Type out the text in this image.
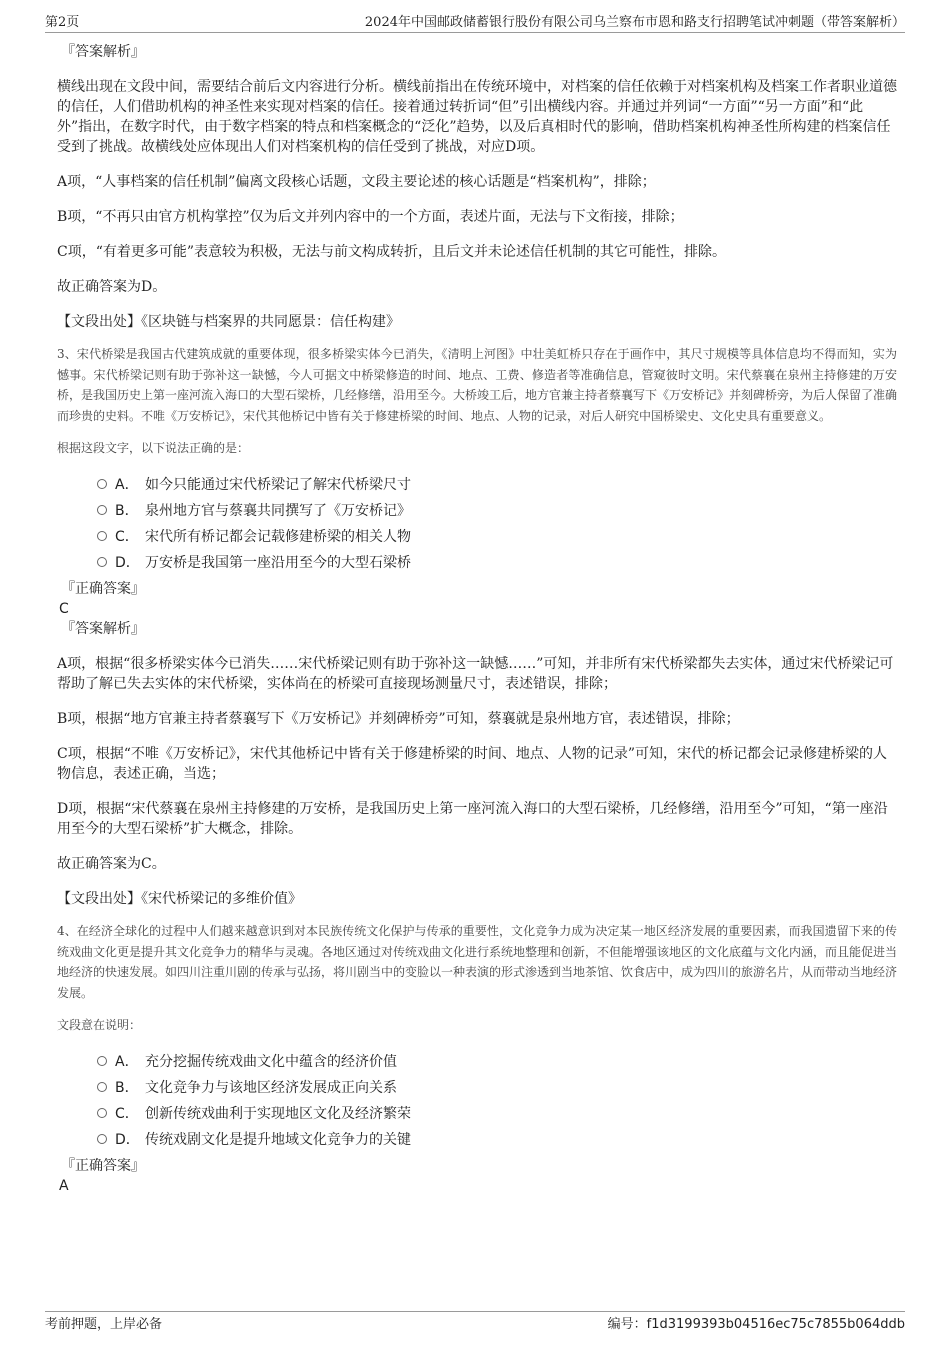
第2页	2024年中国邮政储蓄银行股份有限公司乌兰察布市恩和路支行招聘笔试冲刺题（带答案解析）
『答案解析』

横线出现在文段中间，需要结合前后文内容进行分析。横线前指出在传统环境中，对档案的信任依赖于对档案机构及档案工作者职业道德的信任，人们借助机构的神圣性来实现对档案的信任。接着通过转折词“但”引出横线内容。并通过并列词“一方面”“另一方面”和“此外”指出，在数字时代，由于数字档案的特点和档案概念的“泛化”趋势，以及后真相时代的影响，借助档案机构神圣性所构建的档案信任受到了挑战。故横线处应体现出人们对档案机构的信任受到了挑战，对应D项。

A项，“人事档案的信任机制”偏离文段核心话题，文段主要论述的核心话题是“档案机构”，排除；

B项，“不再只由官方机构掌控”仅为后文并列内容中的一个方面，表述片面，无法与下文衔接，排除；

C项，“有着更多可能”表意较为积极，无法与前文构成转折，且后文并未论述信任机制的其它可能性，排除。

故正确答案为D。

【文段出处】《区块链与档案界的共同愿景：信任构建》

3、宋代桥梁是我国古代建筑成就的重要体现，很多桥梁实体今已消失，《清明上河图》中壮美虹桥只存在于画作中，其尺寸规模等具体信息均不得而知，实为憾事。宋代桥梁记则有助于弥补这一缺憾，今人可据文中桥梁修造的时间、地点、工费、修造者等准确信息，管窥彼时文明。宋代蔡襄在泉州主持修建的万安桥，是我国历史上第一座河流入海口的大型石梁桥，几经修缮，沿用至今。大桥竣工后，地方官兼主持者蔡襄写下《万安桥记》并刻碑桥旁，为后人保留了准确而珍贵的史料。不唯《万安桥记》，宋代其他桥记中皆有关于修建桥梁的时间、地点、人物的记录，对后人研究中国桥梁史、文化史具有重要意义。

根据这段文字，以下说法正确的是：

A． 如今只能通过宋代桥梁记了解宋代桥梁尺寸
B． 泉州地方官与蔡襄共同撰写了《万安桥记》
C． 宋代所有桥记都会记载修建桥梁的相关人物
D． 万安桥是我国第一座沿用至今的大型石梁桥
『正确答案』
C
『答案解析』

A项，根据“很多桥梁实体今已消失……宋代桥梁记则有助于弥补这一缺憾……”可知，并非所有宋代桥梁都失去实体，通过宋代桥梁记可帮助了解已失去实体的宋代桥梁，实体尚在的桥梁可直接现场测量尺寸，表述错误，排除；

B项，根据“地方官兼主持者蔡襄写下《万安桥记》并刻碑桥旁”可知，蔡襄就是泉州地方官，表述错误，排除；

C项，根据“不唯《万安桥记》，宋代其他桥记中皆有关于修建桥梁的时间、地点、人物的记录”可知，宋代的桥记都会记录修建桥梁的人物信息，表述正确，当选；

D项，根据“宋代蔡襄在泉州主持修建的万安桥，是我国历史上第一座河流入海口的大型石梁桥，几经修缮，沿用至今”可知，“第一座沿用至今的大型石梁桥”扩大概念，排除。

故正确答案为C。

【文段出处】《宋代桥梁记的多维价值》

4、在经济全球化的过程中人们越来越意识到对本民族传统文化保护与传承的重要性，文化竞争力成为决定某一地区经济发展的重要因素，而我国遗留下来的传统戏曲文化更是提升其文化竞争力的精华与灵魂。各地区通过对传统戏曲文化进行系统地整理和创新，不但能增强该地区的文化底蕴与文化内涵，而且能促进当地经济的快速发展。如四川注重川剧的传承与弘扬，将川剧当中的变脸以一种表演的形式渗透到当地茶馆、饮食店中，成为四川的旅游名片，从而带动当地经济发展。

文段意在说明：

A． 充分挖掘传统戏曲文化中蕴含的经济价值
B． 文化竞争力与该地区经济发展成正向关系
C． 创新传统戏曲利于实现地区文化及经济繁荣
D． 传统戏剧文化是提升地域文化竞争力的关键
『正确答案』
A
考前押题，上岸必备	编号：f1d3199393b04516ec75c7855b064ddb
